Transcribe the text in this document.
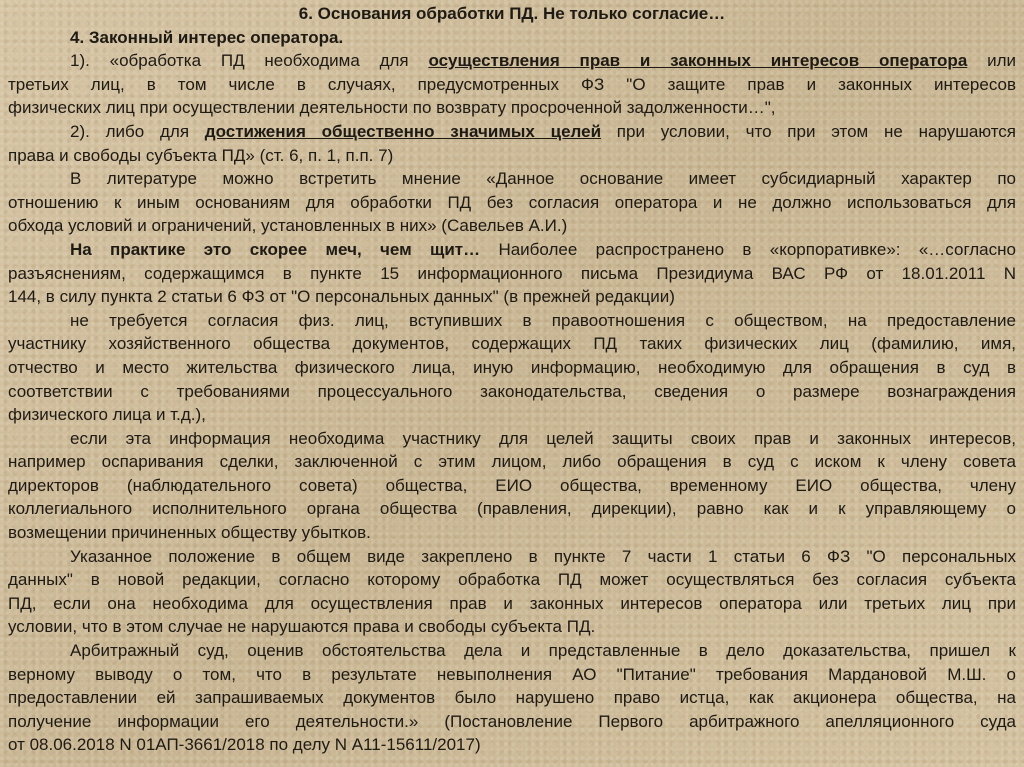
6. Основания обработки ПД. Не только согласие…

4. Законный интерес оператора.

1). «обработка ПД необходима для осуществления прав и законных интересов оператора или

третьих лиц, в том числе в случаях, предусмотренных ФЗ "О защите прав и законных интересов

физических лиц при осуществлении деятельности по возврату просроченной задолженности…",

2). либо для достижения общественно значимых целей при условии, что при этом не нарушаются

права и свободы субъекта ПД» (ст. 6, п. 1, п.п. 7)

В литературе можно встретить мнение «Данное основание имеет субсидиарный характер по

отношению к иным основаниям для обработки ПД без согласия оператора и не должно использоваться для

обхода условий и ограничений, установленных в них» (Савельев А.И.)

На практике это скорее меч, чем щит… Наиболее распространено в «корпоративке»: «…согласно

разъяснениям, содержащимся в пункте 15 информационного письма Президиума ВАС РФ от 18.01.2011 N

144, в силу пункта 2 статьи 6 ФЗ от "О персональных данных" (в прежней редакции)

не требуется согласия физ. лиц, вступивших в правоотношения с обществом, на предоставление

участнику хозяйственного общества документов, содержащих ПД таких физических лиц (фамилию, имя,

отчество и место жительства физического лица, иную информацию, необходимую для обращения в суд в

соответствии с требованиями процессуального законодательства, сведения о размере вознаграждения

физического лица и т.д.),

если эта информация необходима участнику для целей защиты своих прав и законных интересов,

например оспаривания сделки, заключенной с этим лицом, либо обращения в суд с иском к члену совета

директоров (наблюдательного совета) общества, ЕИО общества, временному ЕИО общества, члену

коллегиального исполнительного органа общества (правления, дирекции), равно как и к управляющему о

возмещении причиненных обществу убытков.

Указанное положение в общем виде закреплено в пункте 7 части 1 статьи 6 ФЗ "О персональных

данных" в новой редакции, согласно которому обработка ПД может осуществляться без согласия субъекта

ПД, если она необходима для осуществления прав и законных интересов оператора или третьих лиц при

условии, что в этом случае не нарушаются права и свободы субъекта ПД.

Арбитражный суд, оценив обстоятельства дела и представленные в дело доказательства, пришел к

верному выводу о том, что в результате невыполнения АО "Питание" требования Мардановой М.Ш. о

предоставлении ей запрашиваемых документов было нарушено право истца, как акционера общества, на

получение информации его деятельности.» (Постановление Первого арбитражного апелляционного суда

от 08.06.2018 N 01АП-3661/2018 по делу N А11-15611/2017)
